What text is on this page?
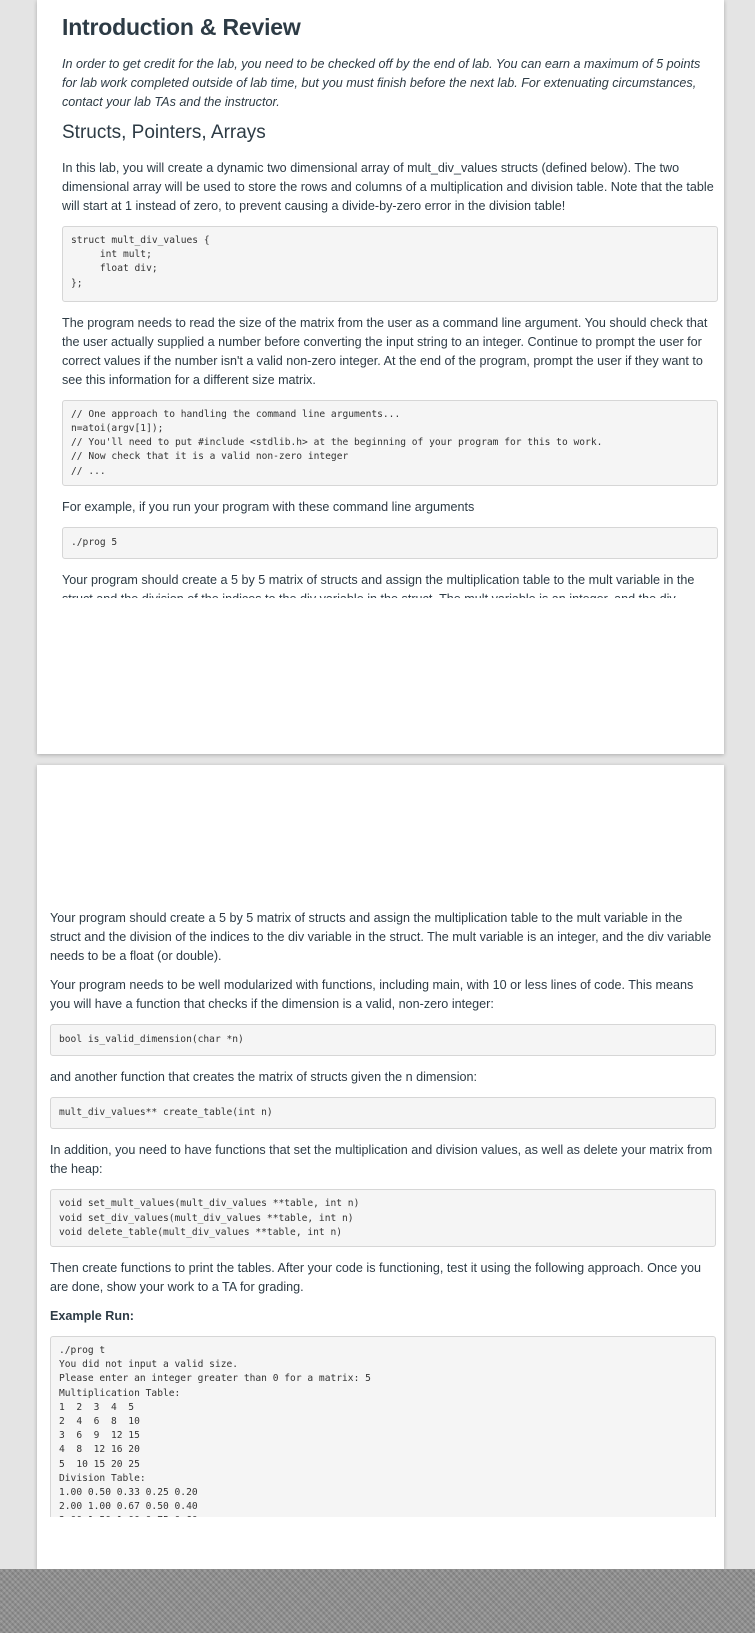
Introduction & Review

In order to get credit for the lab, you need to be checked off by the end of lab. You can earn a maximum of 5 points for lab work completed outside of lab time, but you must finish before the next lab. For extenuating circumstances, contact your lab TAs and the instructor.

Structs, Pointers, Arrays

In this lab, you will create a dynamic two dimensional array of mult_div_values structs (defined below). The two dimensional array will be used to store the rows and columns of a multiplication and division table. Note that the table will start at 1 instead of zero, to prevent causing a divide-by-zero error in the division table!

struct mult_div_values {
int mult;
float div;
};

The program needs to read the size of the matrix from the user as a command line argument. You should check that the user actually supplied a number before converting the input string to an integer. Continue to prompt the user for correct values if the number isn't a valid non-zero integer. At the end of the program, prompt the user if they want to see this information for a different size matrix.

// One approach to handling the command line arguments...
n=atoi(argv[1]);
// You'll need to put #include <stdlib.h> at the beginning of your program for this to work.
// Now check that it is a valid non-zero integer
// ...

For example, if you run your program with these command line arguments

./prog 5

Your program should create a 5 by 5 matrix of structs and assign the multiplication table to the mult variable in the

Your program should create a 5 by 5 matrix of structs and assign the multiplication table to the mult variable in the struct and the division of the indices to the div variable in the struct. The mult variable is an integer, and the div variable needs to be a float (or double).

Your program needs to be well modularized with functions, including main, with 10 or less lines of code. This means you will have a function that checks if the dimension is a valid, non-zero integer:

bool is_valid_dimension(char *n)

and another function that creates the matrix of structs given the n dimension:

mult_div_values** create_table(int n)

In addition, you need to have functions that set the multiplication and division values, as well as delete your matrix from the heap:

void set_mult_values(mult_div_values **table, int n)
void set_div_values(mult_div_values **table, int n)
void delete_table(mult_div_values **table, int n)

Then create functions to print the tables. After your code is functioning, test it using the following approach. Once you are done, show your work to a TA for grading.

Example Run:

./prog t
You did not input a valid size.
Please enter an integer greater than 0 for a matrix: 5
Multiplication Table:
1  2  3  4  5
2  4  6  8  10
3  6  9  12 15
4  8  12 16 20
5  10 15 20 25
Division Table:
1.00 0.50 0.33 0.25 0.20
2.00 1.00 0.67 0.50 0.40
